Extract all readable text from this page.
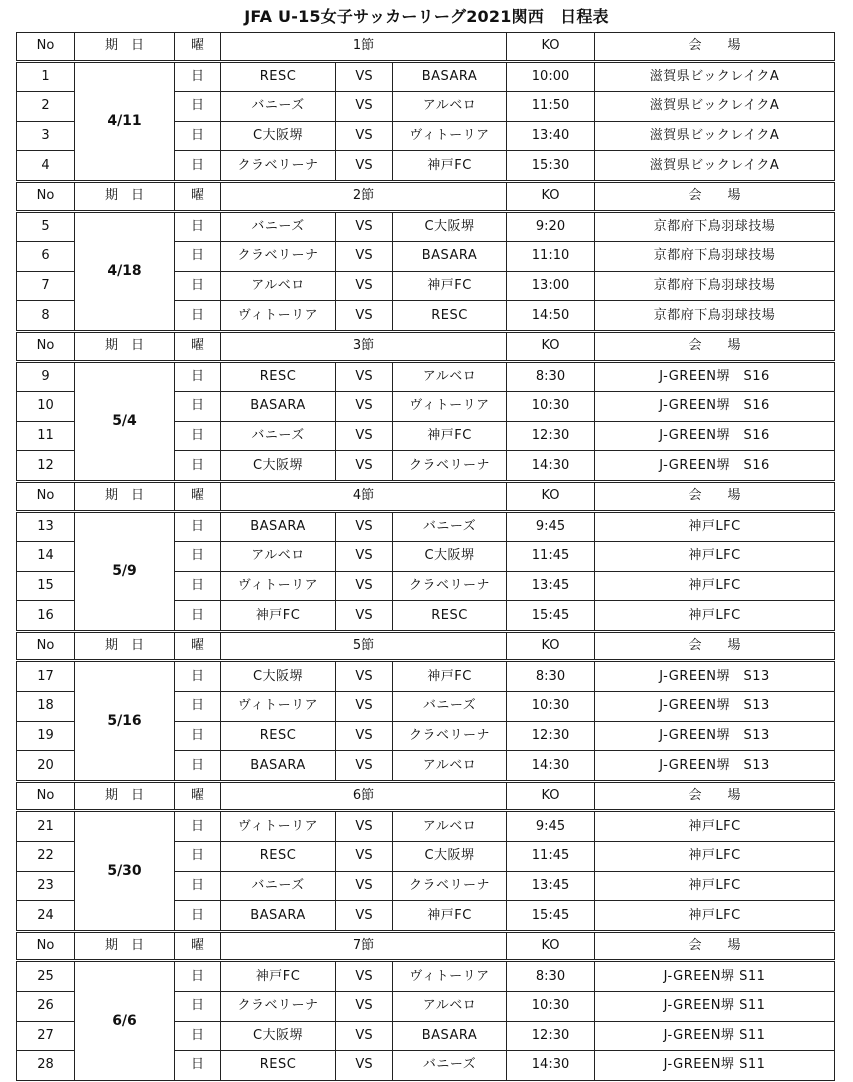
JFA U-15女子サッカーリーグ2021関西　日程表
No	期　日	曜	1節			KO	会　　場
1	4/11	日	RESC	VS	BASARA	10:00	滋賀県ビックレイクA
2		日	バニーズ	VS	アルベロ	11:50	滋賀県ビックレイクA
3		日	C大阪堺	VS	ヴィトーリア	13:40	滋賀県ビックレイクA
4		日	クラベリーナ	VS	神戸FC	15:30	滋賀県ビックレイクA
No	期　日	曜	2節			KO	会　　場
5	4/18	日	バニーズ	VS	C大阪堺	9:20	京都府下鳥羽球技場
6		日	クラベリーナ	VS	BASARA	11:10	京都府下鳥羽球技場
7		日	アルベロ	VS	神戸FC	13:00	京都府下鳥羽球技場
8		日	ヴィトーリア	VS	RESC	14:50	京都府下鳥羽球技場
No	期　日	曜	3節			KO	会　　場
9	5/4	日	RESC	VS	アルベロ	8:30	J-GREEN堺　S16
10		日	BASARA	VS	ヴィトーリア	10:30	J-GREEN堺　S16
11		日	バニーズ	VS	神戸FC	12:30	J-GREEN堺　S16
12		日	C大阪堺	VS	クラベリーナ	14:30	J-GREEN堺　S16
No	期　日	曜	4節			KO	会　　場
13	5/9	日	BASARA	VS	バニーズ	9:45	神戸LFC
14		日	アルベロ	VS	C大阪堺	11:45	神戸LFC
15		日	ヴィトーリア	VS	クラベリーナ	13:45	神戸LFC
16		日	神戸FC	VS	RESC	15:45	神戸LFC
No	期　日	曜	5節			KO	会　　場
17	5/16	日	C大阪堺	VS	神戸FC	8:30	J-GREEN堺　S13
18		日	ヴィトーリア	VS	バニーズ	10:30	J-GREEN堺　S13
19		日	RESC	VS	クラベリーナ	12:30	J-GREEN堺　S13
20		日	BASARA	VS	アルベロ	14:30	J-GREEN堺　S13
No	期　日	曜	6節			KO	会　　場
21	5/30	日	ヴィトーリア	VS	アルベロ	9:45	神戸LFC
22		日	RESC	VS	C大阪堺	11:45	神戸LFC
23		日	バニーズ	VS	クラベリーナ	13:45	神戸LFC
24		日	BASARA	VS	神戸FC	15:45	神戸LFC
No	期　日	曜	7節			KO	会　　場
25	6/6	日	神戸FC	VS	ヴィトーリア	8:30	J-GREEN堺 S11
26		日	クラベリーナ	VS	アルベロ	10:30	J-GREEN堺 S11
27		日	C大阪堺	VS	BASARA	12:30	J-GREEN堺 S11
28		日	RESC	VS	バニーズ	14:30	J-GREEN堺 S11
